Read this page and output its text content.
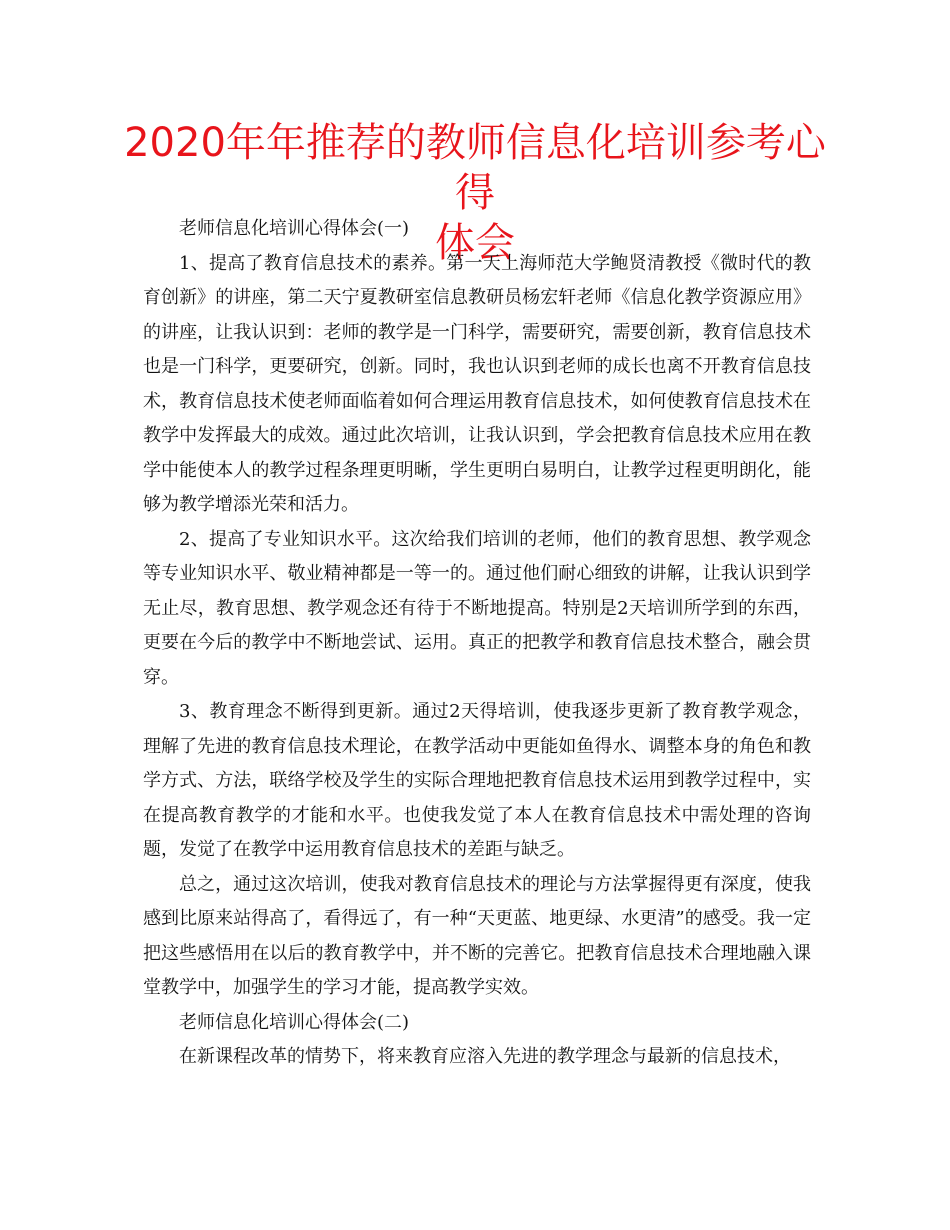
2020年年推荐的教师信息化培训参考心得
体会

老师信息化培训心得体会(一)

1、提高了教育信息技术的素养。第一天上海师范大学鲍贤清教授《微时代的教育创新》的讲座，第二天宁夏教研室信息教研员杨宏轩老师《信息化教学资源应用》的讲座，让我认识到：老师的教学是一门科学，需要研究，需要创新，教育信息技术也是一门科学，更要研究，创新。同时，我也认识到老师的成长也离不开教育信息技术，教育信息技术使老师面临着如何合理运用教育信息技术，如何使教育信息技术在教学中发挥最大的成效。通过此次培训，让我认识到，学会把教育信息技术应用在教学中能使本人的教学过程条理更明晰，学生更明白易明白，让教学过程更明朗化，能够为教学增添光荣和活力。

2、提高了专业知识水平。这次给我们培训的老师，他们的教育思想、教学观念等专业知识水平、敬业精神都是一等一的。通过他们耐心细致的讲解，让我认识到学无止尽，教育思想、教学观念还有待于不断地提高。特别是2天培训所学到的东西，更要在今后的教学中不断地尝试、运用。真正的把教学和教育信息技术整合，融会贯穿。

3、教育理念不断得到更新。通过2天得培训，使我逐步更新了教育教学观念，理解了先进的教育信息技术理论，在教学活动中更能如鱼得水、调整本身的角色和教学方式、方法，联络学校及学生的实际合理地把教育信息技术运用到教学过程中，实在提高教育教学的才能和水平。也使我发觉了本人在教育信息技术中需处理的咨询题，发觉了在教学中运用教育信息技术的差距与缺乏。

总之，通过这次培训，使我对教育信息技术的理论与方法掌握得更有深度，使我感到比原来站得高了，看得远了，有一种“天更蓝、地更绿、水更清”的感受。我一定把这些感悟用在以后的教育教学中，并不断的完善它。把教育信息技术合理地融入课堂教学中，加强学生的学习才能，提高教学实效。

老师信息化培训心得体会(二)

在新课程改革的情势下，将来教育应溶入先进的教学理念与最新的信息技术，
